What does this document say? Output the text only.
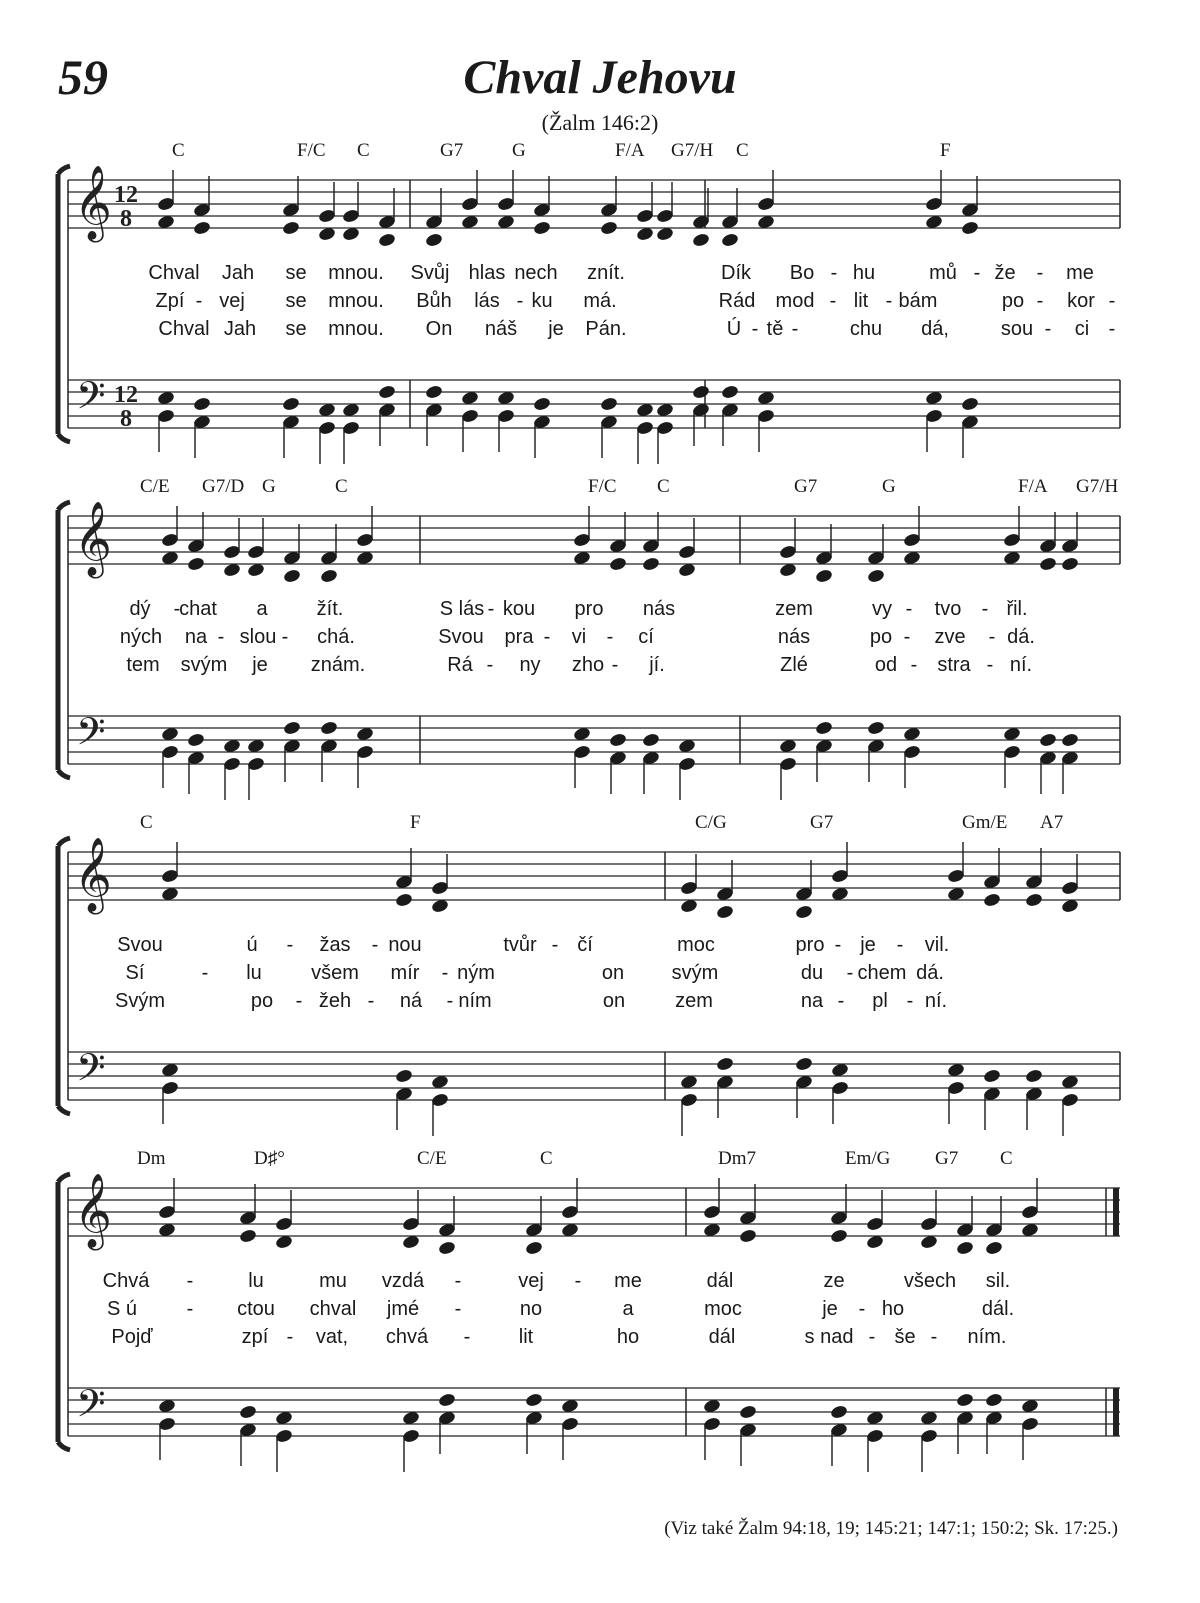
59	Chval Jehovu
(Žalm 146:2)
𝄞
𝄢
12
8
12
8
C	F/C C	G7	G	F/A G7/H C	F
Chval Jah se mnou. Svůj hlas nech znít.	Dík Bo - hu	mů - že - me
Zpí - vej se mnou. Bůh lás - ku má.	Rád mod - lit - bám	po - kor -
Chval Jah se mnou. On náš je Pán.	Ú - tě -	chu dá,	sou - ci -
𝄞
𝄢
C/E G7/D G	C	F/C C	G7	G	F/A G7/H
dý -
chat a žít.	S lás - kou pro nás	zem	vy - tvo - řil.
ných na - slou - chá.	Svou pra - vi - cí	nás	po - zve - dá.
tem svým je znám.	Rá - ny zho - jí.	Zlé	od - stra - ní.
𝄞
𝄢
C	F	C/G	G7	Gm/E A7
Svou	ú - žas - nou	tvůr - čí	moc	pro - je - vil.
Sí	- lu všem mír - ným	on svým	du - chem dá.
Svým	po - žeh - ná - ním	on zem	na - pl - ní.
𝄞
𝄢
Dm	D♯°	C/E	C	Dm7	Em/G G7 C
Chvá -	lu	mu vzdá -	vej - me	dál	ze	všech sil.
S ú - ctou chval jmé -	no	a	moc	je - ho	dál.
Pojď	zpí - vat, chvá - lit	ho	dál	s nad - še - ním.
(Viz také Žalm 94:18, 19; 145:21; 147:1; 150:2; Sk. 17:25.)
